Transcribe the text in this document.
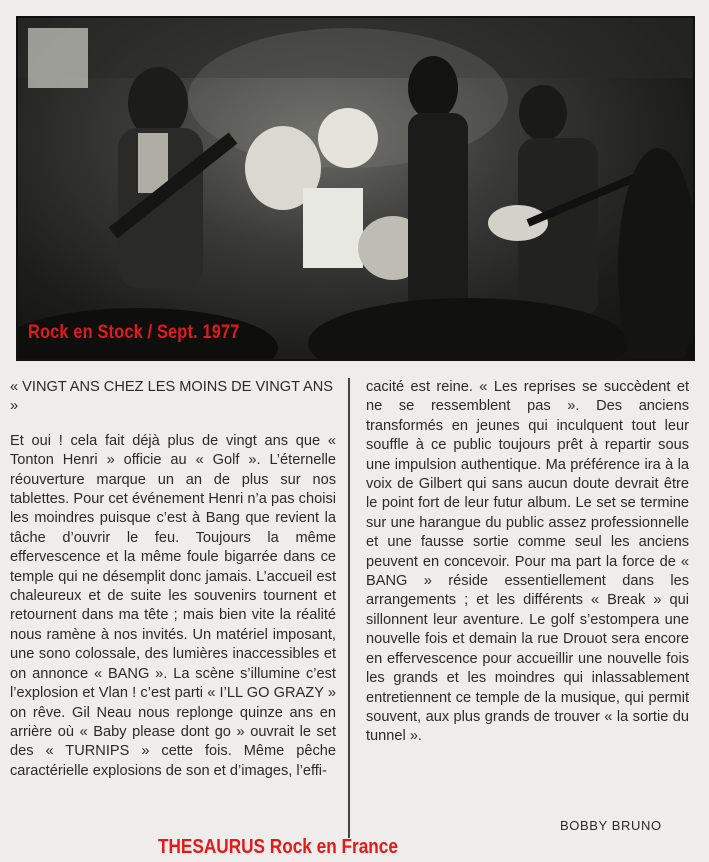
Rock en Stock / Sept. 1977

« VINGT ANS CHEZ LES MOINS DE VINGT ANS »

Et oui ! cela fait déjà plus de vingt ans que « Tonton Henri » officie au « Golf ». L’éternelle réouverture marque un an de plus sur nos tablettes. Pour cet événement Henri n’a pas choisi les moindres puisque c’est à Bang que revient la tâche d’ouvrir le feu. Toujours la même effervescence et la même foule bigarrée dans ce temple qui ne désemplit donc jamais. L’accueil est chaleureux et de suite les souvenirs tournent et retournent dans ma tête ; mais bien vite la réalité nous ramène à nos invités. Un matériel imposant, une sono colossale, des lumières inaccessibles et on annonce « BANG ». La scène s’illumine c’est l’explosion et Vlan ! c’est parti « I’LL GO GRAZY » on rêve. Gil Neau nous replonge quinze ans en arrière où « Baby please dont go » ouvrait le set des « TURNIPS » cette fois. Même pêche caractérielle explosions de son et d’images, l’effi-

cacité est reine. « Les reprises se succèdent et ne se ressemblent pas ». Des anciens transformés en jeunes qui inculquent tout leur souffle à ce public toujours prêt à repartir sous une impulsion authentique. Ma préférence ira à la voix de Gilbert qui sans aucun doute devrait être le point fort de leur futur album. Le set se termine sur une harangue du public assez professionnelle et une fausse sortie comme seul les anciens peuvent en concevoir. Pour ma part la force de « BANG » réside essentiellement dans les arrangements ; et les différents « Break » qui sillonnent leur aventure. Le golf s’estompera une nouvelle fois et demain la rue Drouot sera encore en effervescence pour accueillir une nouvelle fois les grands et les moindres qui inlassablement entretiennent ce temple de la musique, qui permit souvent, aux plus grands de trouver « la sortie du tunnel ».

BOBBY BRUNO
THESAURUS Rock en France
